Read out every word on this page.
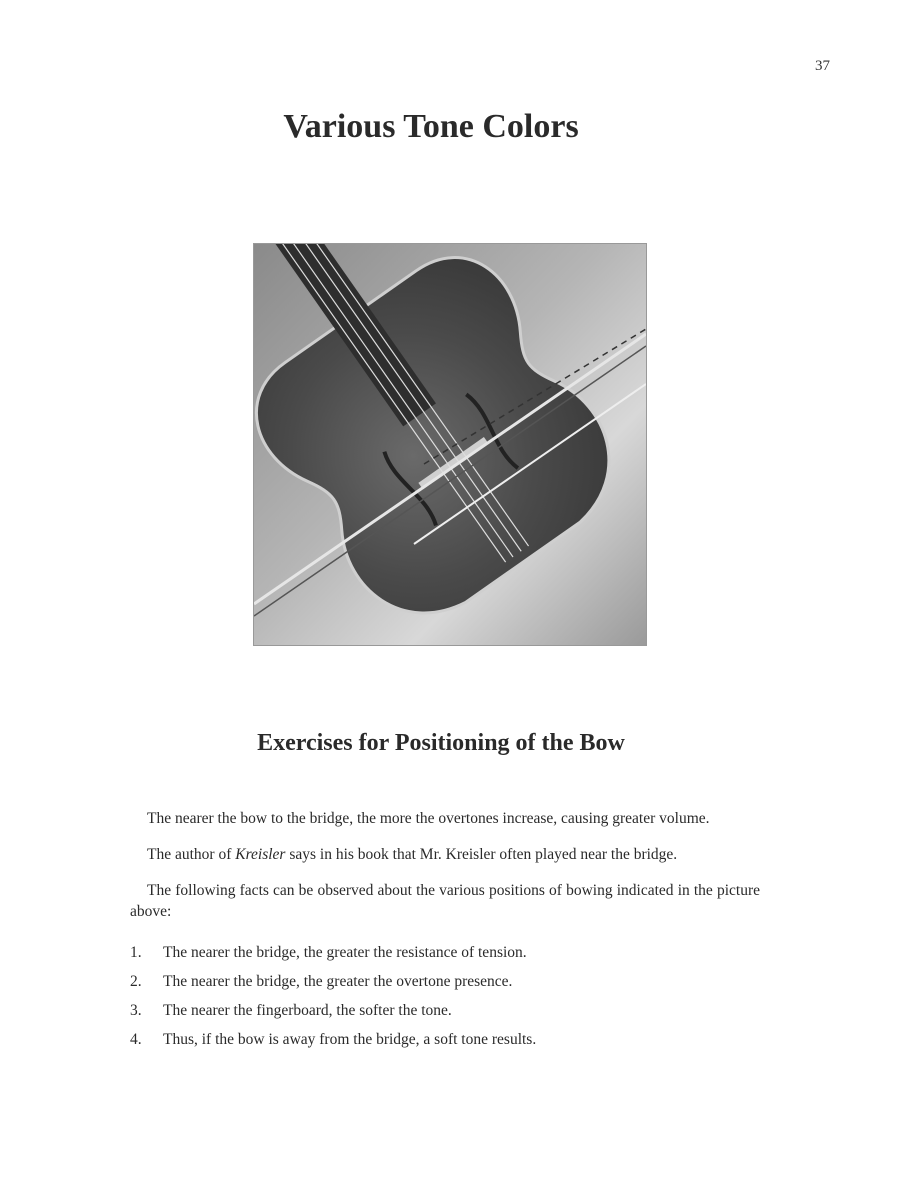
37
Various Tone Colors
Exercises for Positioning of the Bow

The nearer the bow to the bridge, the more the overtones increase, causing greater volume.

The author of Kreisler says in his book that Mr. Kreisler often played near the bridge.

The following facts can be observed about the various positions of bowing indicated in the picture above:

1.	The nearer the bridge, the greater the resistance of tension.
2.	The nearer the bridge, the greater the overtone presence.
3.	The nearer the fingerboard, the softer the tone.
4.	Thus, if the bow is away from the bridge, a soft tone results.
